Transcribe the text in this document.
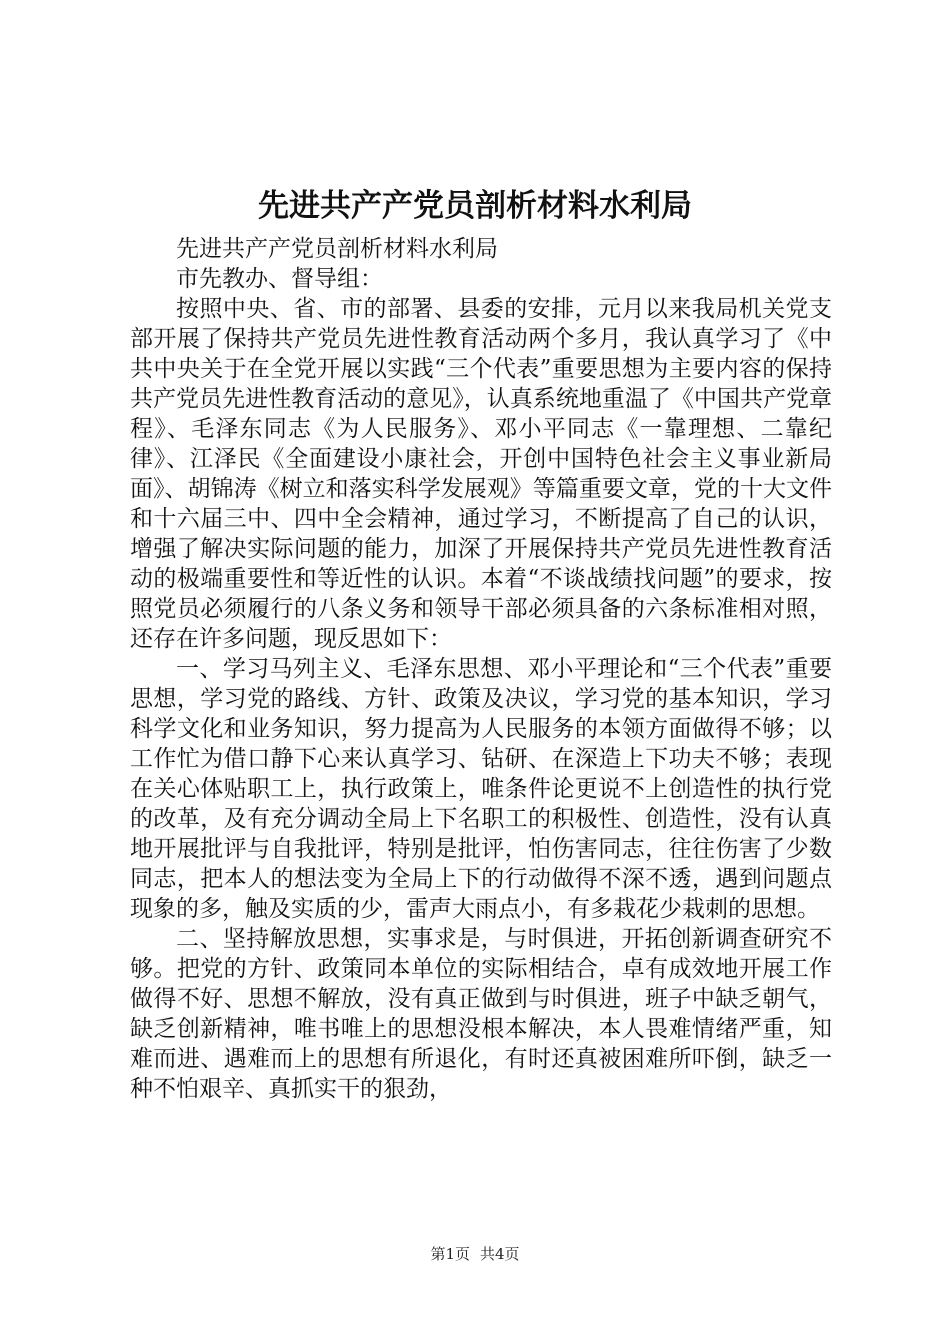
先进共产产党员剖析材料水利局

先进共产产党员剖析材料水利局

市先教办、督导组：

按照中央、省、市的部署、县委的安排，元月以来我局机关党支部开展了保持共产党员先进性教育活动两个多月，我认真学习了《中共中央关于在全党开展以实践“三个代表”重要思想为主要内容的保持共产党员先进性教育活动的意见》，认真系统地重温了《中国共产党章程》、毛泽东同志《为人民服务》、邓小平同志《一靠理想、二靠纪律》、江泽民《全面建设小康社会，开创中国特色社会主义事业新局面》、胡锦涛《树立和落实科学发展观》等篇重要文章，党的十大文件和十六届三中、四中全会精神，通过学习，不断提高了自己的认识，增强了解决实际问题的能力，加深了开展保持共产党员先进性教育活动的极端重要性和等近性的认识。本着“不谈战绩找问题”的要求，按照党员必须履行的八条义务和领导干部必须具备的六条标准相对照，还存在许多问题，现反思如下：

一、学习马列主义、毛泽东思想、邓小平理论和“三个代表”重要思想，学习党的路线、方针、政策及决议，学习党的基本知识，学习科学文化和业务知识，努力提高为人民服务的本领方面做得不够；以工作忙为借口静下心来认真学习、钻研、在深造上下功夫不够；表现在关心体贴职工上，执行政策上，唯条件论更说不上创造性的执行党的改革，及有充分调动全局上下名职工的积极性、创造性，没有认真地开展批评与自我批评，特别是批评，怕伤害同志，往往伤害了少数同志，把本人的想法变为全局上下的行动做得不深不透，遇到问题点现象的多，触及实质的少，雷声大雨点小，有多栽花少栽刺的思想。

二、坚持解放思想，实事求是，与时俱进，开拓创新调查研究不够。把党的方针、政策同本单位的实际相结合，卓有成效地开展工作做得不好、思想不解放，没有真正做到与时俱进，班子中缺乏朝气，缺乏创新精神，唯书唯上的思想没根本解决，本人畏难情绪严重，知难而进、遇难而上的思想有所退化，有时还真被困难所吓倒，缺乏一种不怕艰辛、真抓实干的狠劲，

第1页 共4页
